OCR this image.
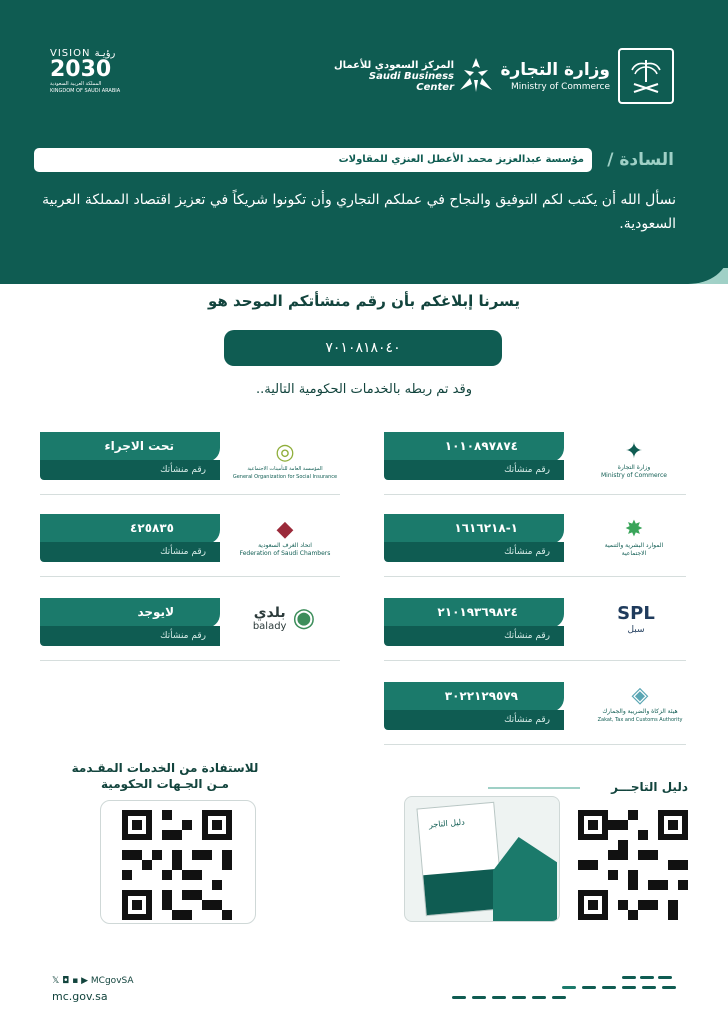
وزارة التجارة
Ministry of Commerce
المركز السعودي للأعمال
Saudi Business Center
VISION رؤيـة
2030
المملكة العربية السعودية
KINGDOM OF SAUDI ARABIA
مؤسسة عبدالعزيز محمد الأعطل العنزي للمقاولات	السادة /
نسأل الله أن يكتب لكم التوفيق والنجاح في عملكم التجاري وأن تكونوا شريكاً في تعزيز اقتصاد المملكة العربية السعودية.
يسرنا إبلاغكم بأن رقم منشأتكم الموحد هو
٧٠١٠٨١٨٠٤٠
وقد تم ربطه بالخدمات الحكومية التالية..
١٠١٠٨٩٧٨٧٤
رقم منشأتك
✦
وزارة التجارة
Ministry of Commerce
١-١٦١٦٢١٨
رقم منشأتك
✸
الموارد البشرية والتنمية الاجتماعية
٢١٠١٩٣٦٩٨٢٤
رقم منشأتك
SPL
سبل
٣٠٢٢١٢٩٥٧٩
رقم منشأتك
◈
هيئة الزكاة والضريبة والجمارك
Zakat, Tax and Customs Authority
تحت الاجراء
رقم منشأتك
◎
المؤسسة العامة للتأمينات الاجتماعية
General Organization for Social Insurance
٤٢٥٨٣٥
رقم منشأتك
◆
اتحاد الغرف السعودية
Federation of Saudi Chambers
لايوجد
رقم منشأتك
بلدي
balady ◉
للاستفادة من الخدمات المقـدمة مـن الجـهات الحكومية	دليل التاجـــر
دليل التاجر
𝕏 ◘ ▪ ▶ MCgovSA
mc.gov.sa
